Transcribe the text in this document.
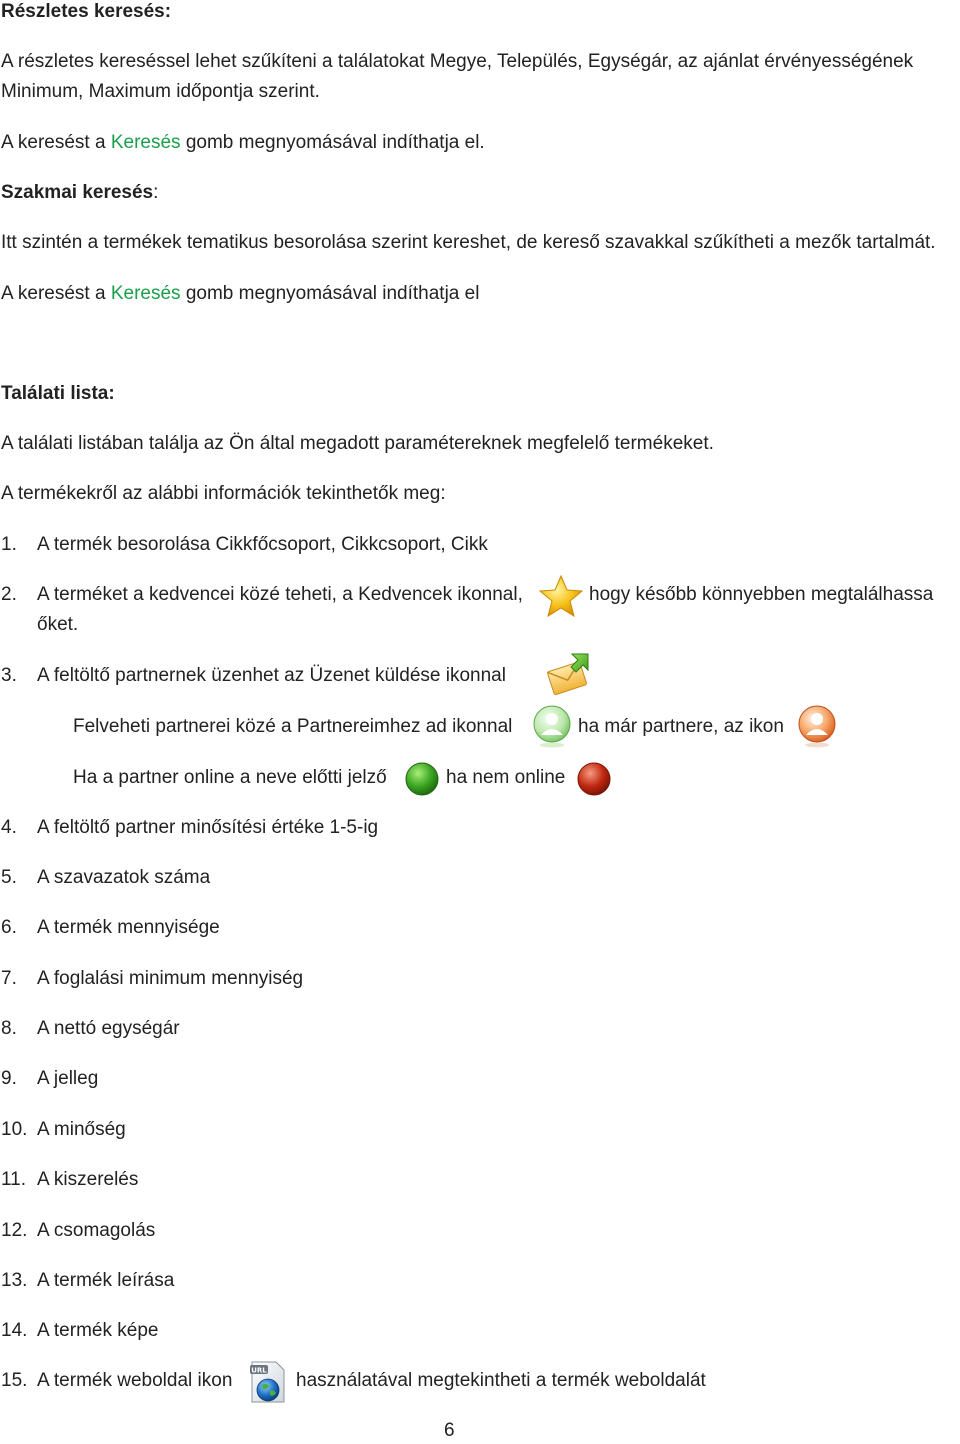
Részletes keresés:
A részletes kereséssel lehet szűkíteni a találatokat Megye, Település, Egységár, az ajánlat érvényességének
Minimum, Maximum időpontja szerint.
A keresést a Keresés gomb megnyomásával indíthatja el.
Szakmai keresés:
Itt szintén a termékek tematikus besorolása szerint kereshet, de kereső szavakkal szűkítheti a mezők tartalmát.
A keresést a Keresés gomb megnyomásával indíthatja el
Találati lista:
A találati listában találja az Ön által megadott paramétereknek megfelelő termékeket.
A termékekről az alábbi információk tekinthetők meg:
1. A termék besorolása Cikkfőcsoport, Cikkcsoport, Cikk
2. A terméket a kedvencei közé teheti, a Kedvencek ikonnal,	hogy később könnyebben megtalálhassa
őket.
3. A feltöltő partnernek üzenhet az Üzenet küldése ikonnal
Felveheti partnerei közé a Partnereimhez ad ikonnal	ha már partnere, az ikon
Ha a partner online a neve előtti jelző	ha nem online
4. A feltöltő partner minősítési értéke 1-5-ig
5. A szavazatok száma
6. A termék mennyisége
7. A foglalási minimum mennyiség
8. A nettó egységár
9. A jelleg
10. A minőség
11. A kiszerelés
12. A csomagolás
13. A termék leírása
14. A termék képe
15. A termék weboldal ikon	URL használatával megtekintheti a termék weboldalát
6
